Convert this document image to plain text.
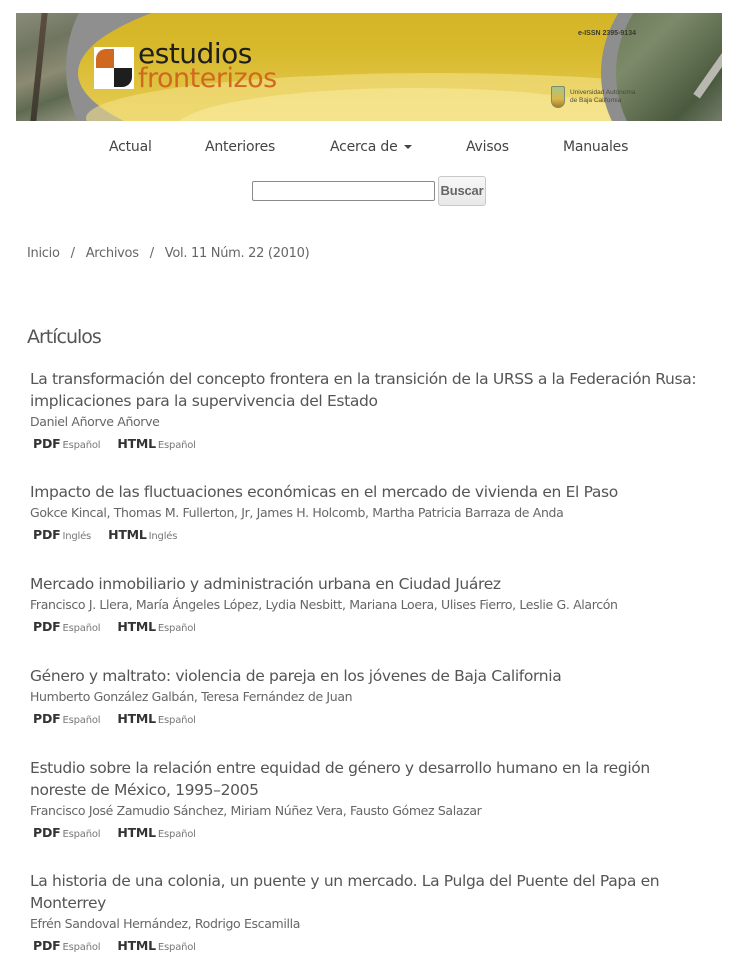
estudios
fronterizos
e-ISSN 2395-9134
Universidad Autónoma de Baja California
Actual	Anteriores	Acerca de	Avisos	Manuales
Buscar
Inicio / Archivos / Vol. 11 Núm. 22 (2010)
Artículos
La transformación del concepto frontera en la transición de la URSS a la Federación Rusa: implicaciones para la supervivencia del Estado
Daniel Añorve Añorve
PDF Español HTML Español
Impacto de las fluctuaciones económicas en el mercado de vivienda en El Paso
Gokce Kincal, Thomas M. Fullerton, Jr, James H. Holcomb, Martha Patricia Barraza de Anda
PDF Inglés HTML Inglés
Mercado inmobiliario y administración urbana en Ciudad Juárez
Francisco J. Llera, María Ángeles López, Lydia Nesbitt, Mariana Loera, Ulises Fierro, Leslie G. Alarcón
PDF Español HTML Español
Género y maltrato: violencia de pareja en los jóvenes de Baja California
Humberto González Galbán, Teresa Fernández de Juan
PDF Español HTML Español
Estudio sobre la relación entre equidad de género y desarrollo humano en la región noreste de México, 1995–2005
Francisco José Zamudio Sánchez, Miriam Núñez Vera, Fausto Gómez Salazar
PDF Español HTML Español
La historia de una colonia, un puente y un mercado. La Pulga del Puente del Papa en Monterrey
Efrén Sandoval Hernández, Rodrigo Escamilla
PDF Español HTML Español
